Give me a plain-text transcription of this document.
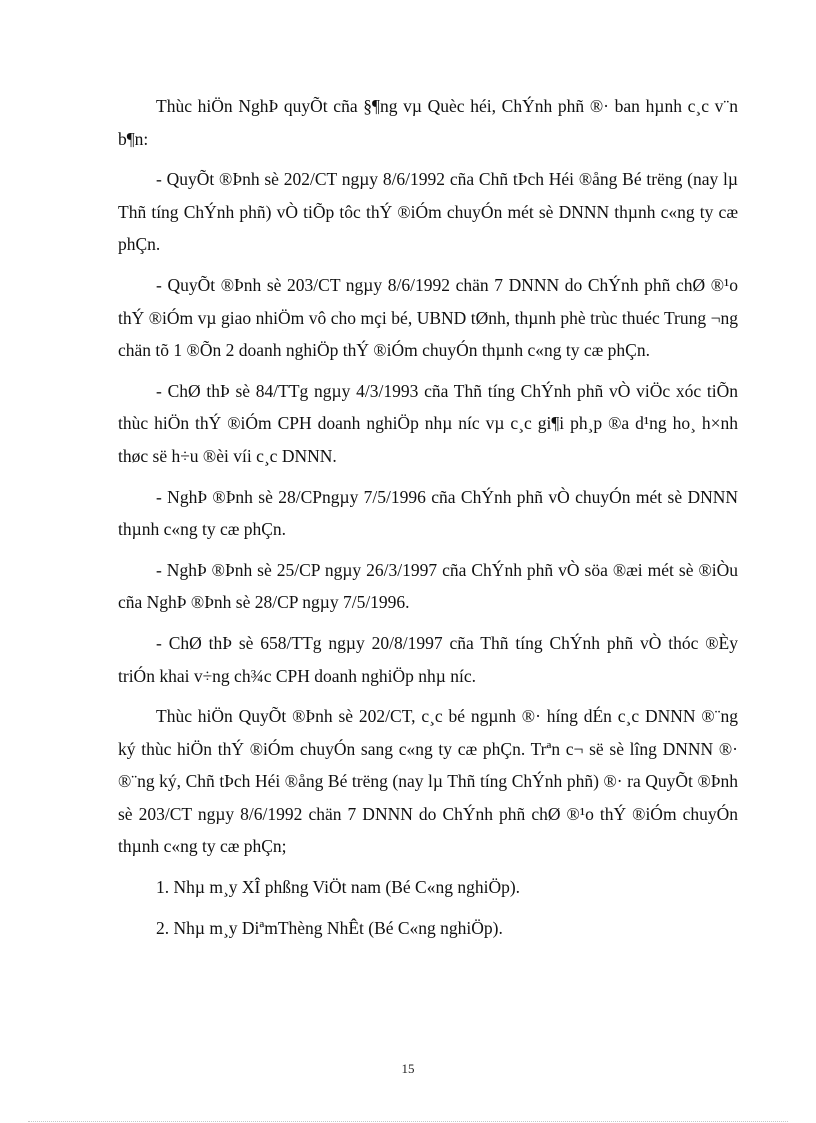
Thùc hiÖn NghÞ quyÕt cña §¶ng vµ Quèc héi, ChÝnh phñ ®· ban hµnh c¸c v¨n b¶n:

- QuyÕt ®Þnh sè 202/CT ngµy 8/6/1992 cña Chñ tÞch Héi ®ång Bé trëng (nay lµ Thñ tíng ChÝnh phñ) vÒ tiÕp tôc thÝ ®iÓm chuyÓn mét sè DNNN thµnh c«ng ty cæ phÇn.

- QuyÕt ®Þnh sè 203/CT ngµy 8/6/1992 chän 7 DNNN do ChÝnh phñ chØ ®¹o thÝ ®iÓm vµ giao nhiÖm vô cho mçi bé, UBND tØnh, thµnh phè trùc thuéc Trung ¬ng chän tõ 1 ®Õn 2 doanh nghiÖp thÝ ®iÓm chuyÓn thµnh c«ng ty cæ phÇn.

- ChØ thÞ sè 84/TTg ngµy 4/3/1993 cña Thñ tíng ChÝnh phñ vÒ viÖc xóc tiÕn thùc hiÖn thÝ ®iÓm CPH doanh nghiÖp nhµ níc vµ c¸c gi¶i ph¸p ®a d¹ng ho¸ h×nh thøc së h÷u ®èi víi c¸c DNNN.

- NghÞ ®Þnh sè 28/CPngµy 7/5/1996 cña ChÝnh phñ vÒ chuyÓn mét sè DNNN thµnh c«ng ty cæ phÇn.

- NghÞ ®Þnh sè 25/CP ngµy 26/3/1997 cña ChÝnh phñ vÒ söa ®æi mét sè ®iÒu cña NghÞ ®Þnh sè 28/CP ngµy 7/5/1996.

- ChØ thÞ sè 658/TTg ngµy 20/8/1997 cña Thñ tíng ChÝnh phñ vÒ thóc ®Èy triÓn khai v÷ng ch¾c CPH doanh nghiÖp nhµ níc.

Thùc hiÖn QuyÕt ®Þnh sè 202/CT, c¸c bé ngµnh ®· híng dÉn c¸c DNNN ®¨ng ký thùc hiÖn thÝ ®iÓm chuyÓn sang c«ng ty cæ phÇn. Trªn c¬ së sè lîng DNNN ®· ®¨ng ký, Chñ tÞch Héi ®ång Bé trëng (nay lµ Thñ tíng ChÝnh phñ) ®· ra QuyÕt ®Þnh sè 203/CT ngµy 8/6/1992 chän 7 DNNN do ChÝnh phñ chØ ®¹o thÝ ®iÓm chuyÓn thµnh c«ng ty cæ phÇn;

1. Nhµ m¸y XÎ phßng ViÖt nam (Bé C«ng nghiÖp).

2. Nhµ m¸y DiªmThèng NhÊt (Bé C«ng nghiÖp).

15
